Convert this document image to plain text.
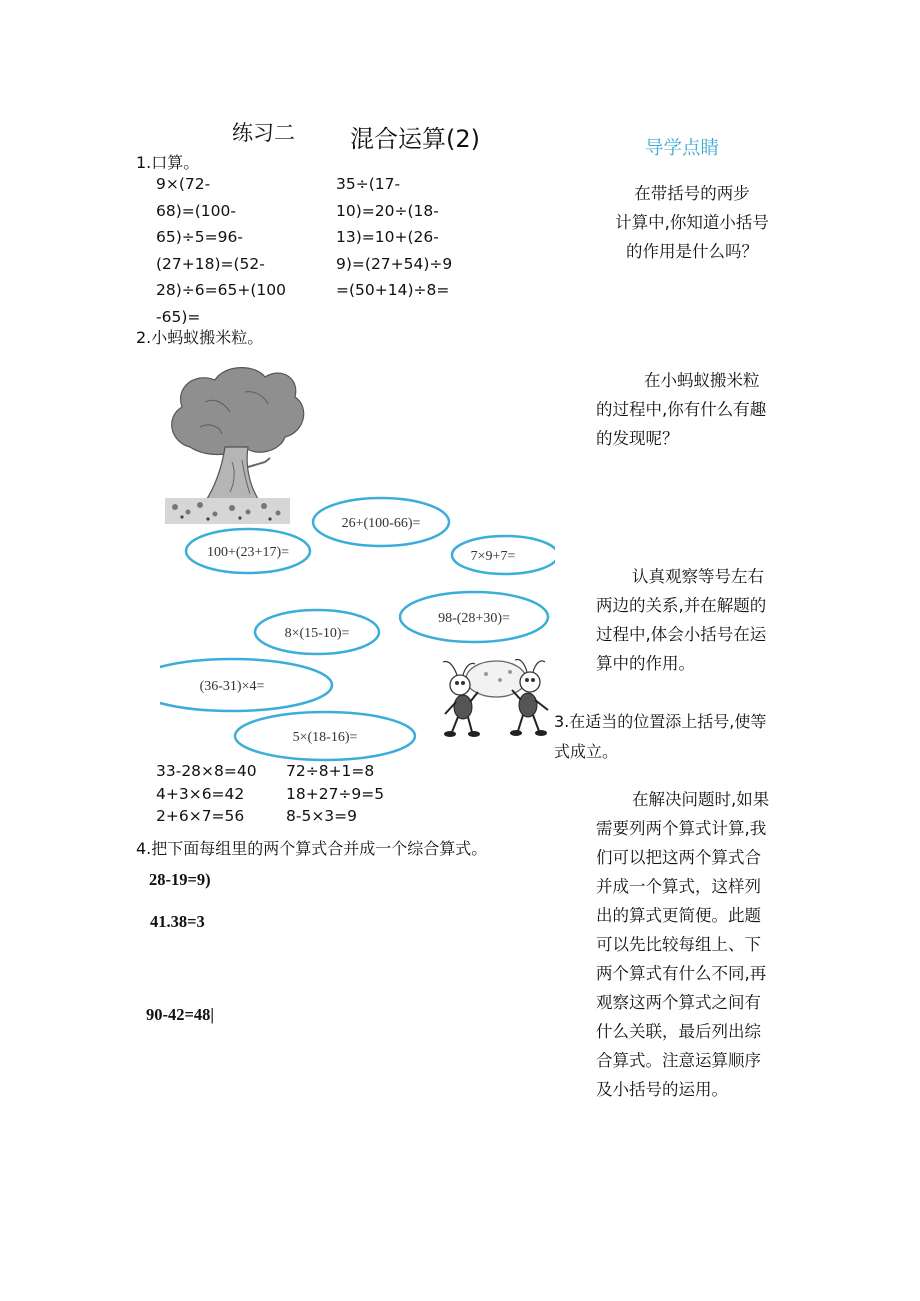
练习二 混合运算(2)	导学点睛
1.口算。
9×(72-
68)=(100-
65)÷5=96-
(27+18)=(52-
28)÷6=65+(100
-65)=
35÷(17-
10)=20÷(18-
13)=10+(26-
9)=(27+54)÷9
=(50+14)÷8=
2.小蚂蚁搬米粒。
26+(100-66)=
100+(23+17)=	7×9+7=
98-(28+30)=
8×(15-10)=
(36-31)×4=
5×(18-16)=
3.在适当的位置添上括号,使等
式成立。
33-28×8=40
4+3×6=42
2+6×7=56
72÷8+1=8
18+27÷9=5
8-5×3=9
4.把下面每组里的两个算式合并成一个综合算式。
28-19=9)
41.38=3
90-42=48|
在带括号的两步
计算中,你知道小括号
的作用是什么吗？
在小蚂蚁搬米粒
的过程中,你有什么有趣
的发现呢？
认真观察等号左右
两边的关系,并在解题的
过程中,体会小括号在运
算中的作用。
在解决问题时,如果
需要列两个算式计算,我
们可以把这两个算式合
并成一个算式，这样列
出的算式更简便。此题
可以先比较每组上、下
两个算式有什么不同,再
观察这两个算式之间有
什么关联，最后列出综
合算式。注意运算顺序
及小括号的运用。
